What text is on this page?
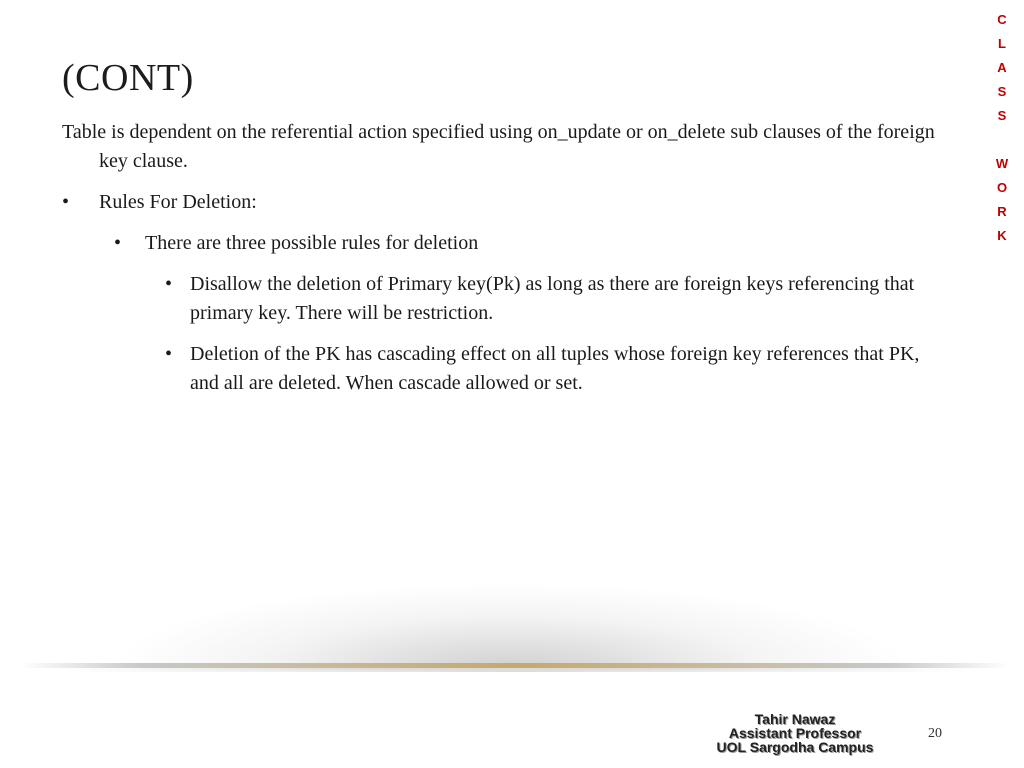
(CONT)
C
L
A
S
S
W
O
R
K

Table is dependent on the referential action specified using on_update or on_delete sub clauses of the foreign key clause.

• Rules For Deletion:
• There are three possible rules for deletion
• Disallow the deletion of Primary key(Pk) as long as there are foreign keys referencing that primary key. There will be restriction.
• Deletion of the PK has cascading effect on all tuples whose foreign key references that PK, and all are deleted. When cascade allowed or set.
Tahir Nawaz
Assistant Professor
UOL Sargodha Campus
20
